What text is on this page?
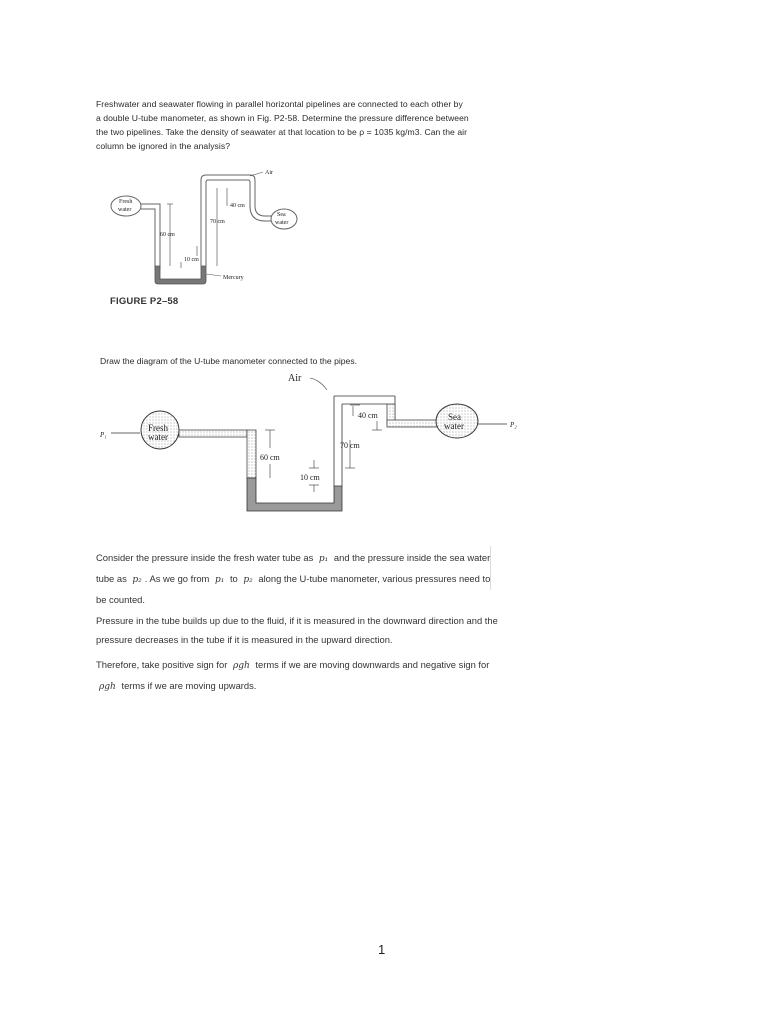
Freshwater and seawater flowing in parallel horizontal pipelines are connected to each other by
a double U-tube manometer, as shown in Fig. P2-58. Determine the pressure difference between
the two pipelines. Take the density of seawater at that location to be ρ = 1035 kg/m3. Can the air
column be ignored in the analysis?

Fresh
water
Sea
water
Air
60 cm
10 cm
70 cm
40 cm
Mercury
FIGURE P2–58
Draw the diagram of the U-tube manometer connected to the pipes.
P₁
Fresh
water
Sea
water	P₂
Air
40 cm
70 cm
60 cm
10 cm

Consider the pressure inside the fresh water tube as p₁ and the pressure inside the sea water
tube as p₂ . As we go from p₁ to p₂ along the U-tube manometer, various pressures need to
be counted.

Pressure in the tube builds up due to the fluid, if it is measured in the downward direction and the
pressure decreases in the tube if it is measured in the upward direction.

Therefore, take positive sign for ρgh terms if we are moving downwards and negative sign for
ρgh terms if we are moving upwards.

1
